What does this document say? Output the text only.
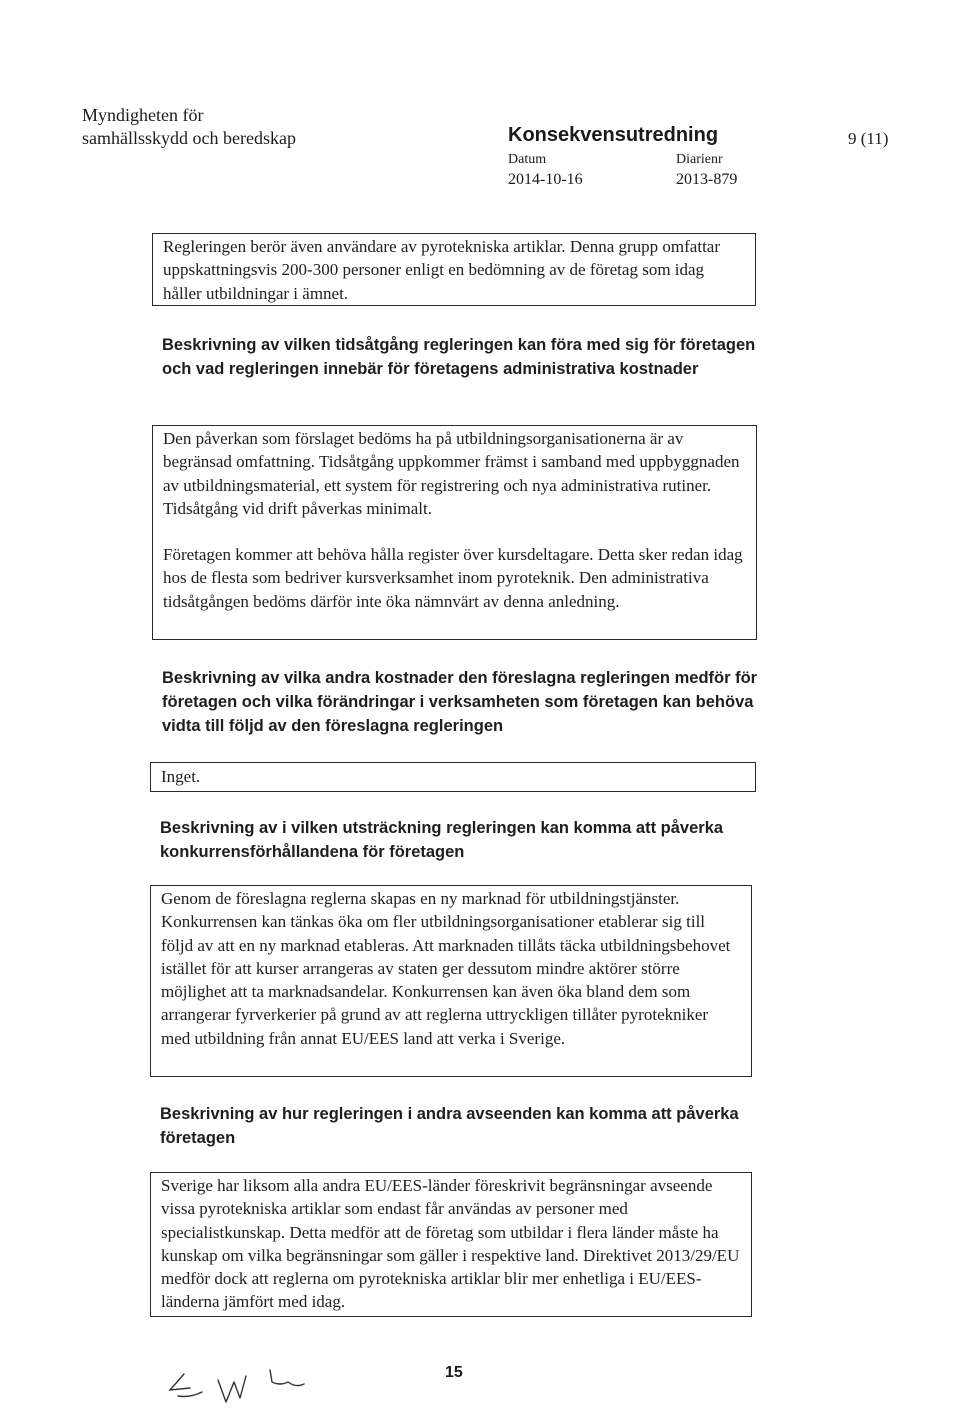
Myndigheten för
samhällsskydd och beredskap	Konsekvensutredning	9 (11)
Datum
2014-10-16
Diarienr
2013-879

Regleringen berör även användare av pyrotekniska artiklar. Denna grupp omfattar uppskattningsvis 200-300 personer enligt en bedömning av de företag som idag håller utbildningar i ämnet.

Beskrivning av vilken tidsåtgång regleringen kan föra med sig för företagen och vad regleringen innebär för företagens administrativa kostnader

Den påverkan som förslaget bedöms ha på utbildningsorganisationerna är av begränsad omfattning. Tidsåtgång uppkommer främst i samband med uppbyggnaden av utbildningsmaterial, ett system för registrering och nya administrativa rutiner. Tidsåtgång vid drift påverkas minimalt.

Företagen kommer att behöva hålla register över kursdeltagare. Detta sker redan idag hos de flesta som bedriver kursverksamhet inom pyroteknik. Den administrativa tidsåtgången bedöms därför inte öka nämnvärt av denna anledning.

Beskrivning av vilka andra kostnader den föreslagna regleringen medför för företagen och vilka förändringar i verksamheten som företagen kan behöva vidta till följd av den föreslagna regleringen

Inget.

Beskrivning av i vilken utsträckning regleringen kan komma att påverka konkurrensförhållandena för företagen

Genom de föreslagna reglerna skapas en ny marknad för utbildningstjänster. Konkurrensen kan tänkas öka om fler utbildningsorganisationer etablerar sig till följd av att en ny marknad etableras. Att marknaden tillåts täcka utbildningsbehovet istället för att kurser arrangeras av staten ger dessutom mindre aktörer större möjlighet att ta marknadsandelar. Konkurrensen kan även öka bland dem som arrangerar fyrverkerier på grund av att reglerna uttryckligen tillåter pyrotekniker med utbildning från annat EU/EES land att verka i Sverige.

Beskrivning av hur regleringen i andra avseenden kan komma att påverka företagen

Sverige har liksom alla andra EU/EES-länder föreskrivit begränsningar avseende vissa pyrotekniska artiklar som endast får användas av personer med specialistkunskap. Detta medför att de företag som utbildar i flera länder måste ha kunskap om vilka begränsningar som gäller i respektive land. Direktivet 2013/29/EU medför dock att reglerna om pyrotekniska artiklar blir mer enhetliga i EU/EES-länderna jämfört med idag.

15
